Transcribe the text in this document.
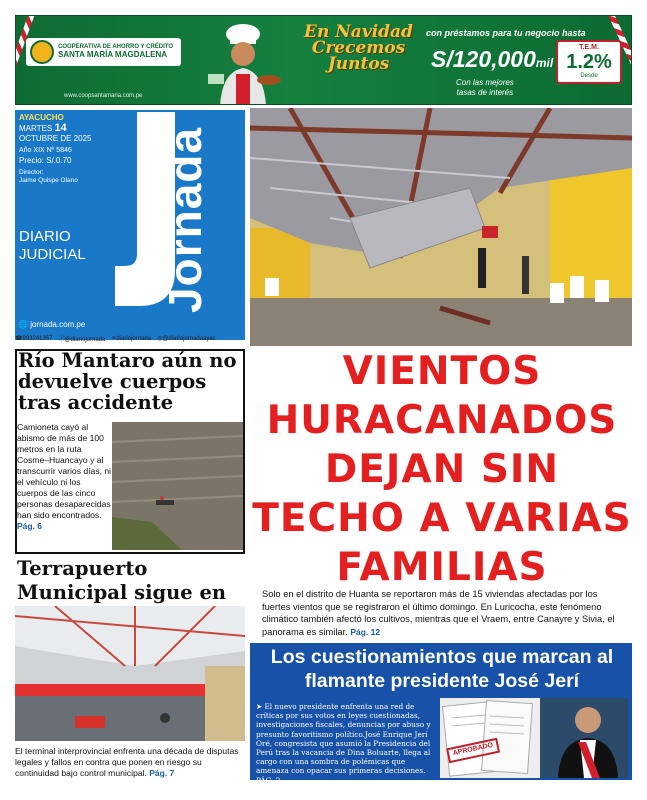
COOPERATIVA DE AHORRO Y CRÉDITO
SANTA MARÍA MAGDALENA
www.coopsantamaria.com.pe
En Navidad
Crecemos
Juntos
con préstamos para tu negocio hasta
S/120,000mil
Con las mejores
tasas de interés
T.E.M.
1.2%
Desde
AYACUCHO
MARTES 14
OCTUBRE DE 2025
Año XIX Nº 5846
Precio: S/.0.70
Director:
Jaime Quispe Olano
DIARIO
JUDICIAL Jornada
🌐 jornada.com.pe
☎993241357 ⓕ@diariojornada ✕diariojornada ◎@diariojornadaayac
VIENTOS HURACANADOS DEJAN SIN TECHO A VARIAS FAMILIAS
Solo en el distrito de Huanta se reportaron más de 15 viviendas afectadas por los fuertes vientos que se registraron el último domingo. En Luricocha, este fenómeno climático también afectó los cultivos, mientras que el Vraem, entre Canayre y Sivia, el panorama es similar. Pág. 12
Río Mantaro aún no devuelve cuerpos tras accidente
Camioneta cayó al abismo de más de 100 metros en la ruta Cosme–Huancayo y al transcurrir varios días, ni el vehículo ni los cuerpos de las cinco personas desaparecidas han sido encontrados.
Pág. 6
Terrapuerto Municipal sigue en
El terminal interprovincial enfrenta una década de disputas legales y fallos en contra que ponen en riesgo su continuidad bajo control municipal. Pág. 7
Los cuestionamientos que marcan al flamante presidente José Jerí
➤ El nuevo presidente enfrenta una red de críticas por sus votos en leyes cuestionadas, investigaciones fiscales, denuncias por abuso y presunto favoritismo político.José Enrique Jerí Oré, congresista que asumió la Presidencia del Perú tras la vacancia de Dina Boluarte, llega al cargo con una sombra de polémicas que amenaza con opacar sus primeras decisiones. PÁG. 2
APROBADO
